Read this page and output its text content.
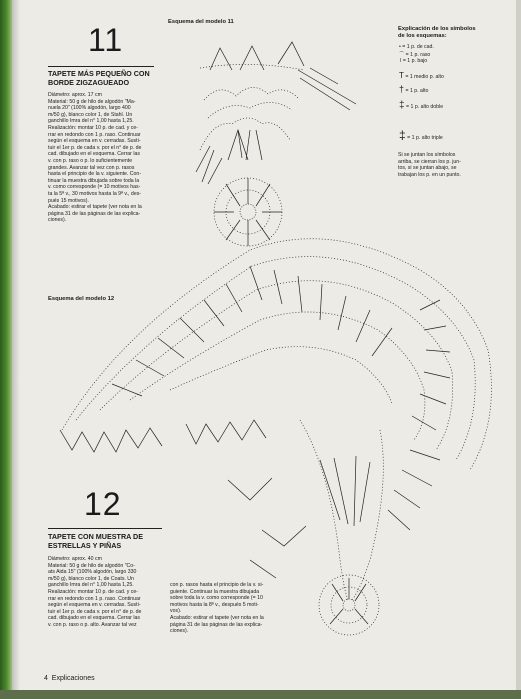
11
TAPETE MÁS PEQUEÑO CON BORDE ZIGZAGUEADO
Diámetro: aprox. 17 cm
Material: 50 g de hilo de algodón "Ma-
nuela 20" (100% algodón, largo 400
m/50 g), blanco color 1, de Stahl. Un
ganchillo Imra del n° 1,00 hasta 1,25.
Realización: montar 10 p. de cad. y ce-
rrar en redondo con 1 p. raso. Continuar
según el esquema en v. cerradas. Susti-
tuir el 1er p. de cada v. por el n° de p. de
cad. dibujado en el esquema. Cerrar las
v. con p. raso o p. lo suficientemente
grandes. Avanzar tal vez con p. rasos
hasta el principio de la v. siguiente. Con-
tinuar la muestra dibujada sobre toda la
v. como corresponde (= 10 motivos has-
ta la 5ª v., 30 motivos hasta la 9ª v., des-
pués 15 motivos).
Acabado: estirar el tapete (ver nota en la
página 31 de las páginas de las explica-
ciones).
Esquema del modelo 11
Explicación de los símbolos
de los esquemas:
• = 1 p. de cad.
⌒ = 1 p. raso
ǀ = 1 p. bajo
T = 1 medio p. alto
† = 1 p. alto
‡ = 1 p. alto doble
‡ = 1 p. alto triple
Si se juntan los símbolos
arriba, se cierran los p. jun-
tos, si se juntan abajo, se
trabajan los p. en un punto.
Esquema del modelo 12
12
TAPETE CON MUESTRA DE
ESTRELLAS Y PIÑAS
Diámetro: aprox. 40 cm
Material: 50 g de hilo de algodón "Co-
ats Aida 15" (100% algodón, largo 330
m/50 g), blanco color 1, de Coats. Un
ganchillo Imra del n° 1,00 hasta 1,25.
Realización: montar 10 p. de cad. y ce-
rrar en redondo con 1 p. raso. Continuar
según el esquema en v. cerradas. Susti-
tuir el 1er p. de cada v. por el n° de p. de
cad. dibujado en el esquema. Cerrar las
v. con p. raso o p. alto. Avanzar tal vez
con p. rasos hasta el principio de la v. si-
guiente. Continuar la muestra dibujada
sobre toda la v. como corresponde (= 10
motivos hasta la 8ª v., después 5 moti-
vos).
Acabado: estirar el tapete (ver nota en la
página 31 de las páginas de las explica-
ciones).
4 Explicaciones
